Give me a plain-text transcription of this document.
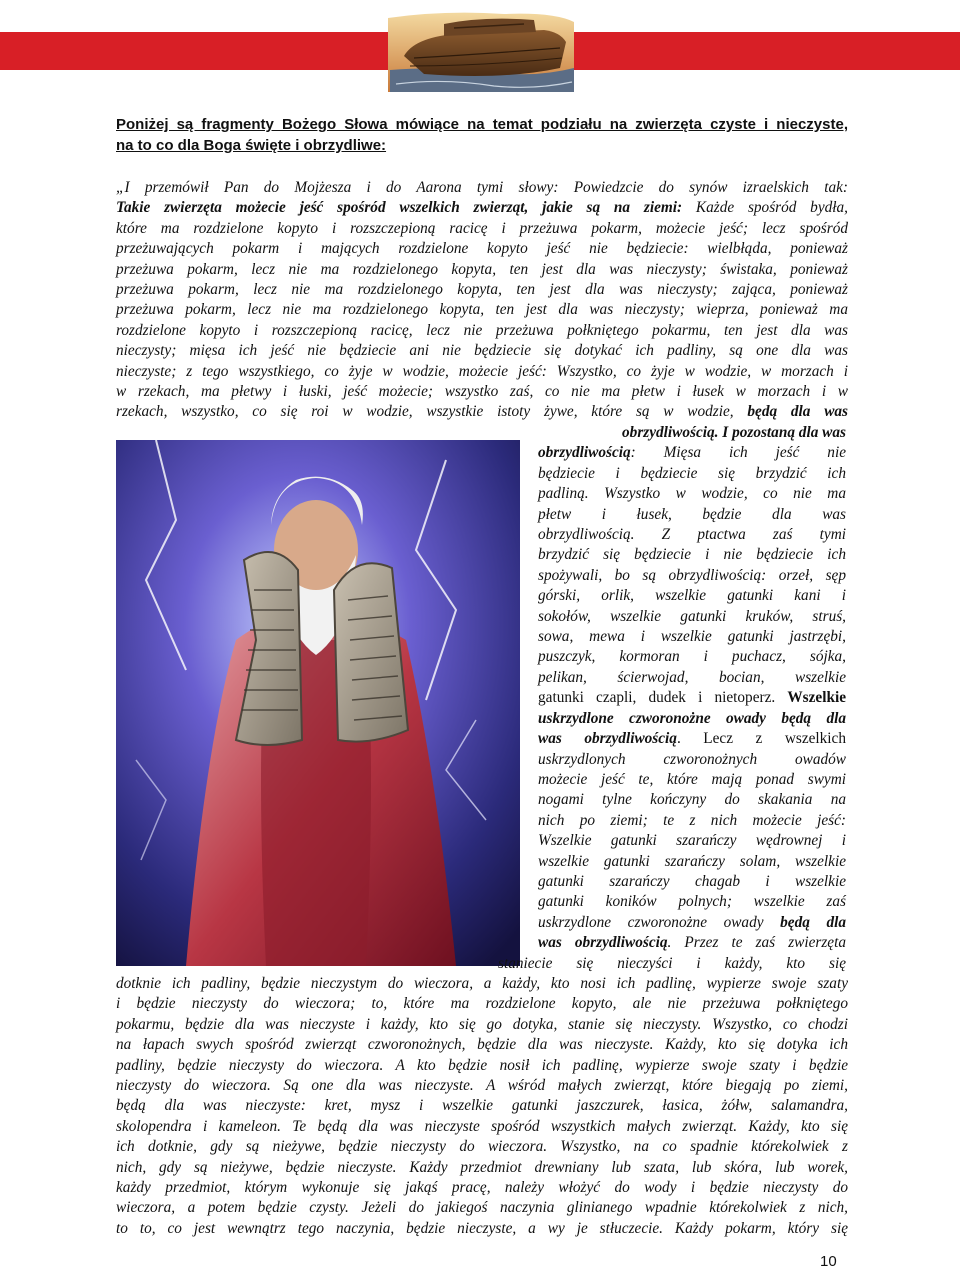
Poniżej są fragmenty Bożego Słowa mówiące na temat podziału na zwierzęta czyste i nieczyste,
na to co dla Boga święte i obrzydliwe:
„I przemówił Pan do Mojżesza i do Aarona tymi słowy: Powiedzcie do synów izraelskich tak:
Takie zwierzęta możecie jeść spośród wszelkich zwierząt, jakie są na ziemi: Każde spośród bydła,
które ma rozdzielone kopyto i rozszczepioną racicę i przeżuwa pokarm, możecie jeść; lecz spośród
przeżuwających pokarm i mających rozdzielone kopyto jeść nie będziecie: wielbłąda, ponieważ
przeżuwa pokarm, lecz nie ma rozdzielonego kopyta, ten jest dla was nieczysty; świstaka, ponieważ
przeżuwa pokarm, lecz nie ma rozdzielonego kopyta, ten jest dla was nieczysty; zająca, ponieważ
przeżuwa pokarm, lecz nie ma rozdzielonego kopyta, ten jest dla was nieczysty; wieprza, ponieważ ma
rozdzielone kopyto i rozszczepioną racicę, lecz nie przeżuwa połkniętego pokarmu, ten jest dla was
nieczysty; mięsa ich jeść nie będziecie ani nie będziecie się dotykać ich padliny, są one dla was
nieczyste; z tego wszystkiego, co żyje w wodzie, możecie jeść: Wszystko, co żyje w wodzie, w morzach i
w rzekach, ma płetwy i łuski, jeść możecie; wszystko zaś, co nie ma płetw i łusek w morzach i w
rzekach, wszystko, co się roi w wodzie, wszystkie istoty żywe, które są w wodzie, będą dla was
obrzydliwością. I pozostaną dla was
obrzydliwością: Mięsa ich jeść nie
będziecie i będziecie się brzydzić ich
padliną. Wszystko w wodzie, co nie ma
płetw i łusek, będzie dla was
obrzydliwością. Z ptactwa zaś tymi
brzydzić się będziecie i nie będziecie ich
spożywali, bo są obrzydliwością: orzeł, sęp
górski, orlik, wszelkie gatunki kani i
sokołów, wszelkie gatunki kruków, struś,
sowa, mewa i wszelkie gatunki jastrzębi,
puszczyk, kormoran i puchacz, sójka,
pelikan, ścierwojad, bocian, wszelkie
gatunki czapli, dudek i nietoperz. Wszelkie
uskrzydlone czworonożne owady będą dla
was obrzydliwością. Lecz z wszelkich
uskrzydlonych czworonożnych owadów
możecie jeść te, które mają ponad swymi
nogami tylne kończyny do skakania na
nich po ziemi; te z nich możecie jeść:
Wszelkie gatunki szarańczy wędrownej i
wszelkie gatunki szarańczy solam, wszelkie
gatunki szarańczy chagab i wszelkie
gatunki koników polnych; wszelkie zaś
uskrzydlone czworonożne owady będą dla
was obrzydliwością. Przez te zaś zwierzęta
staniecie się nieczyści i każdy, kto się
dotknie ich padliny, będzie nieczystym do wieczora, a każdy, kto nosi ich padlinę, wypierze swoje szaty
i będzie nieczysty do wieczora; to, które ma rozdzielone kopyto, ale nie przeżuwa połkniętego
pokarmu, będzie dla was nieczyste i każdy, kto się go dotyka, stanie się nieczysty. Wszystko, co chodzi
na łapach swych spośród zwierząt czworonożnych, będzie dla was nieczyste. Każdy, kto się dotyka ich
padliny, będzie nieczysty do wieczora. A kto będzie nosił ich padlinę, wypierze swoje szaty i będzie
nieczysty do wieczora. Są one dla was nieczyste. A wśród małych zwierząt, które biegają po ziemi,
będą dla was nieczyste: kret, mysz i wszelkie gatunki jaszczurek, łasica, żółw, salamandra,
skolopendra i kameleon. Te będą dla was nieczyste spośród wszystkich małych zwierząt. Każdy, kto się
ich dotknie, gdy są nieżywe, będzie nieczysty do wieczora. Wszystko, na co spadnie którekolwiek z
nich, gdy są nieżywe, będzie nieczyste. Każdy przedmiot drewniany lub szata, lub skóra, lub worek,
każdy przedmiot, którym wykonuje się jakąś pracę, należy włożyć do wody i będzie nieczysty do
wieczora, a potem będzie czysty. Jeżeli do jakiegoś naczynia glinianego wpadnie którekolwiek z nich,
to to, co jest wewnątrz tego naczynia, będzie nieczyste, a wy je stłuczecie. Każdy pokarm, który się
10
